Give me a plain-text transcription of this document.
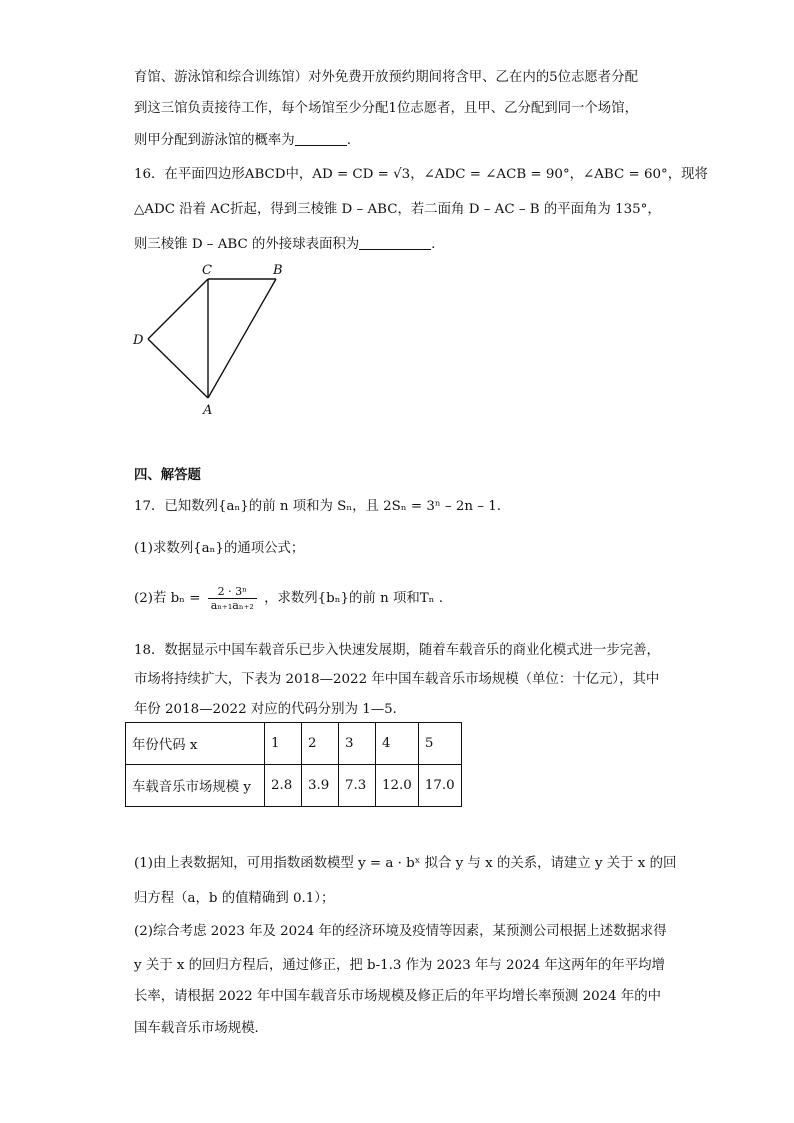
育馆、游泳馆和综合训练馆）对外免费开放预约期间将含甲、乙在内的5位志愿者分配
到这三馆负责接待工作，每个场馆至少分配1位志愿者，且甲、乙分配到同一个场馆，
则甲分配到游泳馆的概率为	.
16．在平面四边形ABCD中，AD = CD = √3，∠ADC = ∠ACB = 90°，∠ABC = 60°，现将
△ADC 沿着 AC折起，得到三棱锥 D – ABC，若二面角 D – AC – B 的平面角为 135°，
则三棱锥 D – ABC 的外接球表面积为	.
C	B
D
A
四、解答题
17．已知数列{aₙ}的前 n 项和为 Sₙ，且 2Sₙ = 3ⁿ – 2n – 1.
(1)求数列{aₙ}的通项公式；
(2)若 $b_n = \frac{\text{2 · 3ⁿ}}{\text{aₙ₊₁aₙ₊₂}}$ ，求数列{bₙ}的前 n 项和Tₙ .
18．数据显示中国车载音乐已步入快速发展期，随着车载音乐的商业化模式进一步完善，
市场将持续扩大，下表为 2018—2022 年中国车载音乐市场规模（单位：十亿元），其中
年份 2018—2022 对应的代码分别为 1—5．
年份代码 x	1	2	3	4	5
车载音乐市场规模 y	2.8	3.9	7.3	12.0	17.0
(1)由上表数据知，可用指数函数模型 y = a · bˣ 拟合 y 与 x 的关系，请建立 y 关于 x 的回
归方程（a，b 的值精确到 0.1）；
(2)综合考虑 2023 年及 2024 年的经济环境及疫情等因素，某预测公司根据上述数据求得
y 关于 x 的回归方程后，通过修正，把 b-1.3 作为 2023 年与 2024 年这两年的年平均增
长率，请根据 2022 年中国车载音乐市场规模及修正后的年平均增长率预测 2024 年的中
国车载音乐市场规模．
